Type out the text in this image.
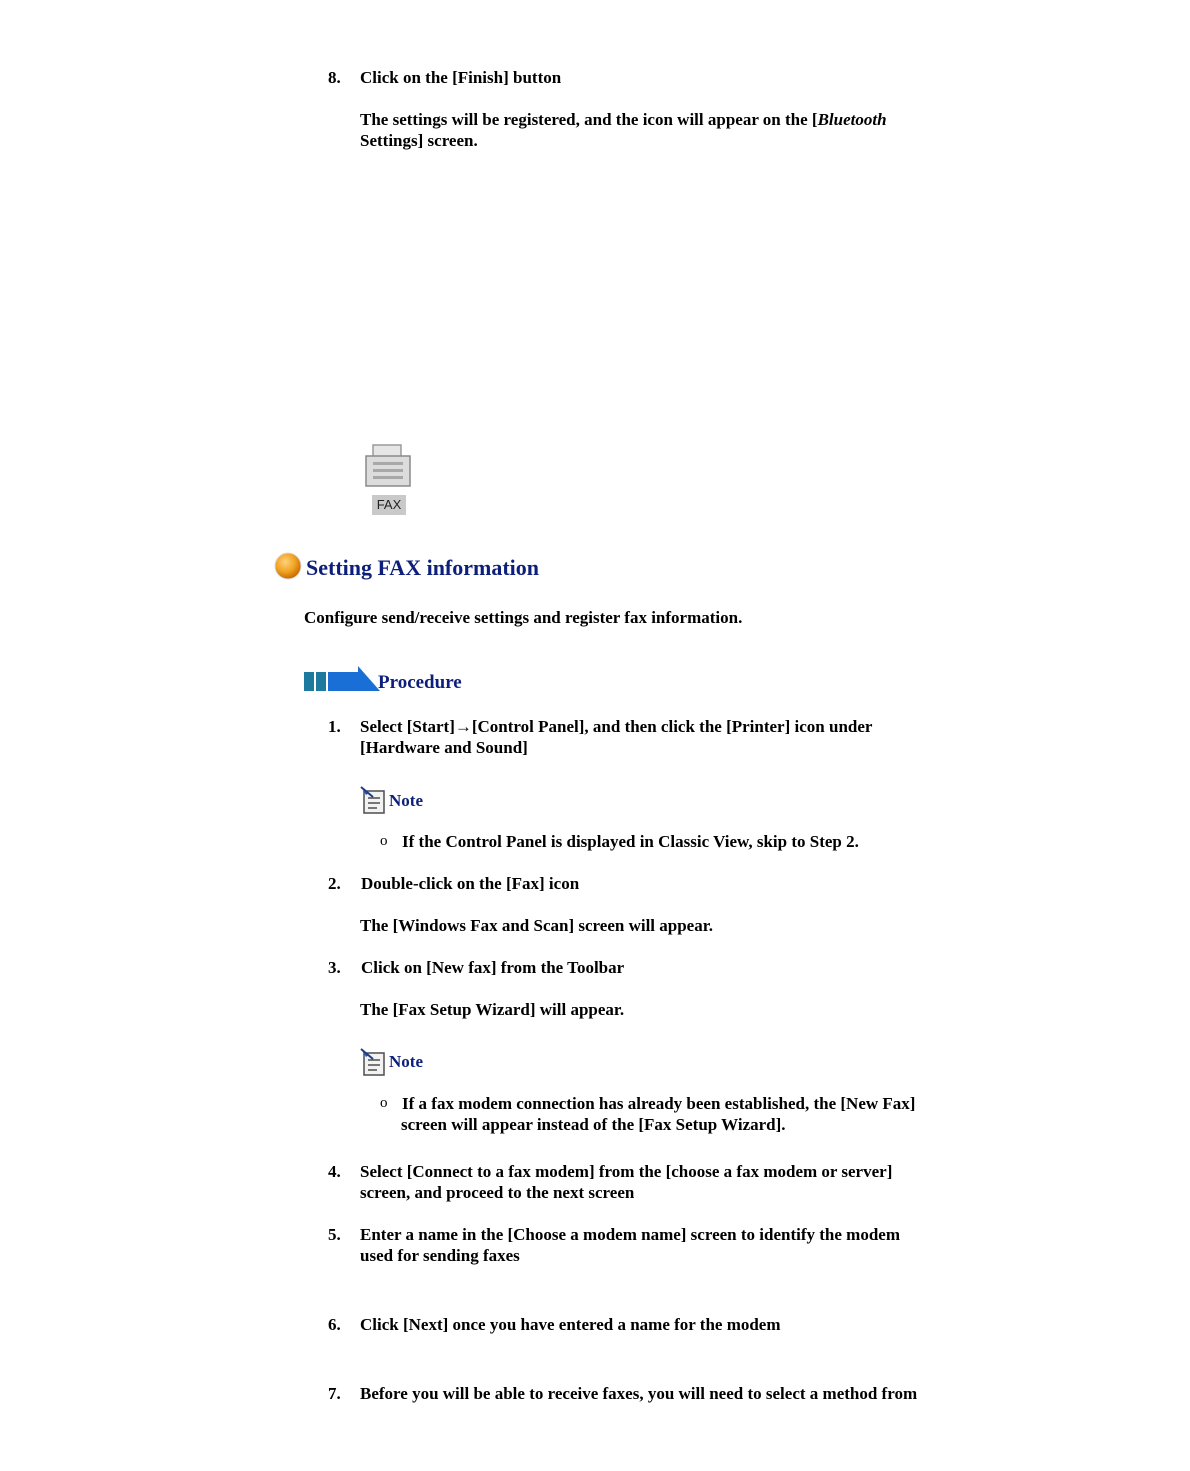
8.	Click on the [Finish] button
The settings will be registered, and the icon will appear on the [Bluetooth
Settings] screen.
FAX
Setting FAX information
Configure send/receive settings and register fax information.
Procedure
1.	Select [Start]→[Control Panel], and then click the [Printer] icon under
[Hardware and Sound]
Note
o If the Control Panel is displayed in Classic View, skip to Step 2.
2.	Double-click on the [Fax] icon
The [Windows Fax and Scan] screen will appear.
3.	Click on [New fax] from the Toolbar
The [Fax Setup Wizard] will appear.
Note
o If a fax modem connection has already been established, the [New Fax]
screen will appear instead of the [Fax Setup Wizard].
4.	Select [Connect to a fax modem] from the [choose a fax modem or server]
screen, and proceed to the next screen
5.	Enter a name in the [Choose a modem name] screen to identify the modem
used for sending faxes
6.	Click [Next] once you have entered a name for the modem
7.	Before you will be able to receive faxes, you will need to select a method from
